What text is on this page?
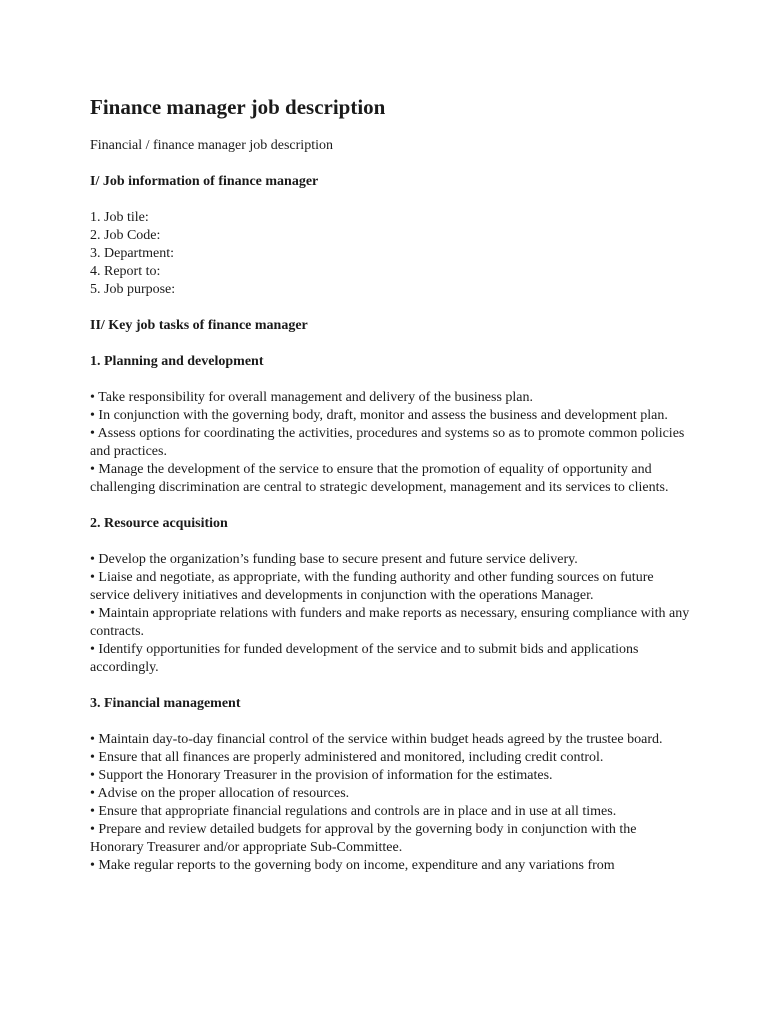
Finance manager job description

Financial / finance manager job description

I/ Job information of finance manager

1. Job tile:
2. Job Code:
3. Department:
4. Report to:
5. Job purpose:

II/ Key job tasks of finance manager

1. Planning and development

• Take responsibility for overall management and delivery of the business plan.
• In conjunction with the governing body, draft, monitor and assess the business and development plan.
• Assess options for coordinating the activities, procedures and systems so as to promote common policies and practices.
• Manage the development of the service to ensure that the promotion of equality of opportunity and challenging discrimination are central to strategic development, management and its services to clients.

2. Resource acquisition

• Develop the organization’s funding base to secure present and future service delivery.
• Liaise and negotiate, as appropriate, with the funding authority and other funding sources on future service delivery initiatives and developments in conjunction with the operations Manager.
• Maintain appropriate relations with funders and make reports as necessary, ensuring compliance with any contracts.
• Identify opportunities for funded development of the service and to submit bids and applications accordingly.

3. Financial management

• Maintain day-to-day financial control of the service within budget heads agreed by the trustee board.
• Ensure that all finances are properly administered and monitored, including credit control.
• Support the Honorary Treasurer in the provision of information for the estimates.
• Advise on the proper allocation of resources.
• Ensure that appropriate financial regulations and controls are in place and in use at all times.
• Prepare and review detailed budgets for approval by the governing body in conjunction with the Honorary Treasurer and/or appropriate Sub-Committee.
• Make regular reports to the governing body on income, expenditure and any variations from
